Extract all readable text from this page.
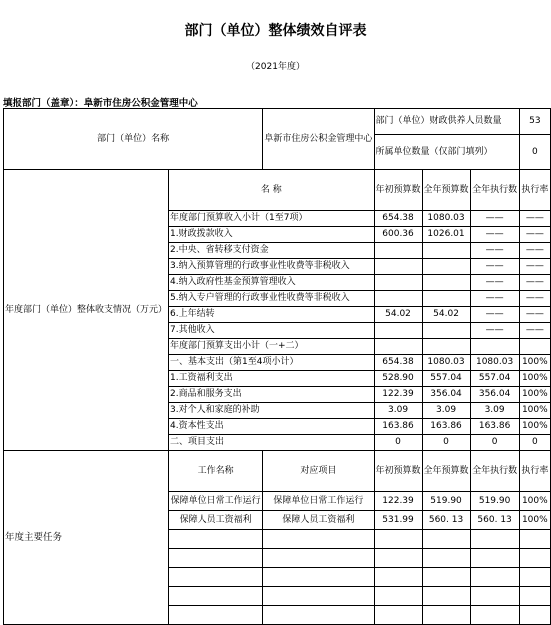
部门（单位）整体绩效自评表
（2021年度）
填报部门（盖章）：阜新市住房公积金管理中心
部门（单位）名称		阜新市住房公积金管理中心	部门（单位）财政供养人员数量			53
			所属单位数量（仅部门填列）			0
年度部门（单位）整体收支情况（万元）	名 称		年初预算数	全年预算数	全年执行数	执行率
	年度部门预算收入小计（1至7项）		654.38	1080.03	——	——
	1.财政拨款收入		600.36	1026.01	——	——
	2.中央、省转移支付资金				——	——
	3.纳入预算管理的行政事业性收费等非税收入				——	——
	4.纳入政府性基金预算管理收入				——	——
	5.纳入专户管理的行政事业性收费等非税收入				——	——
	6.上年结转		54.02	54.02	——	——
	7.其他收入				——	——
	年度部门预算支出小计（一+二）					
	一、基本支出（第1至4项小计）		654.38	1080.03	1080.03	100%
	1.工资福利支出		528.90	557.04	557.04	100%
	2.商品和服务支出		122.39	356.04	356.04	100%
	3.对个人和家庭的补助		3.09	3.09	3.09	100%
	4.资本性支出		163.86	163.86	163.86	100%
	二、项目支出		0	0	0	0
年度主要任务	工作名称	对应项目	年初预算数	全年预算数	全年执行数	执行率
	保障单位日常工作运行	保障单位日常工作运行	122.39	519.90	519.90	100%
	保障人员工资福利	保障人员工资福利	531.99	560. 13	560. 13	100%
